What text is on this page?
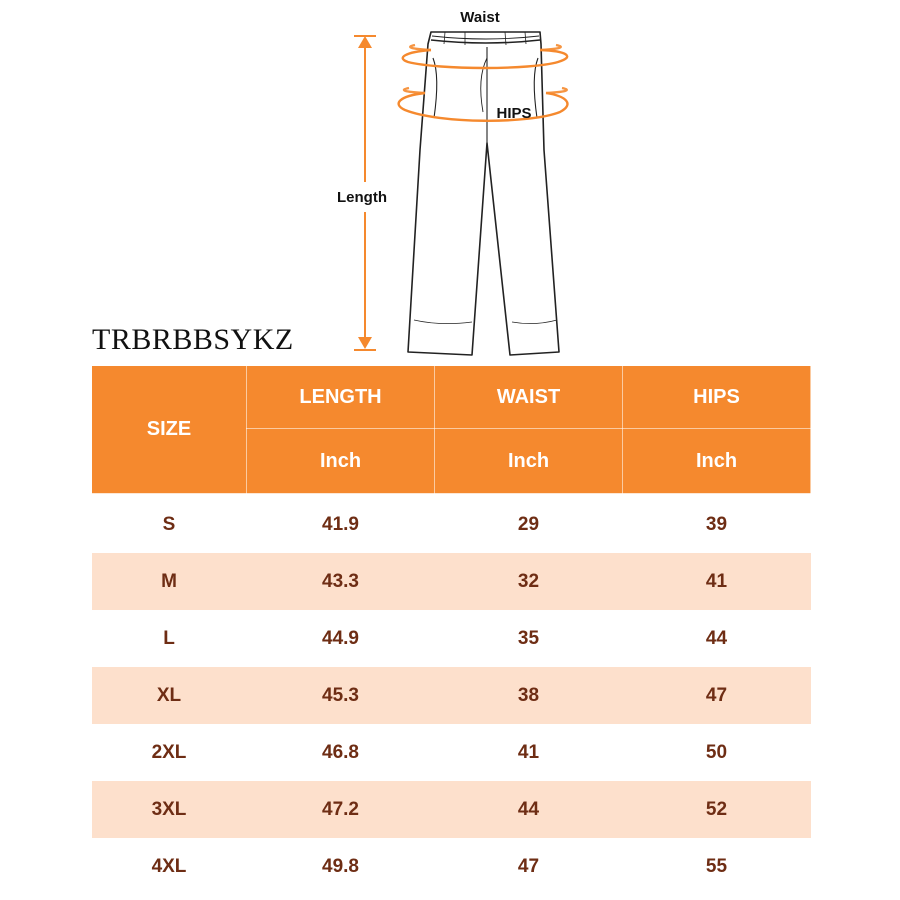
Waist
HIPS
Length
TRBRBBSYKZ
SIZE	LENGTH	WAIST	HIPS
	Inch	Inch	Inch
S	41.9	29	39
M	43.3	32	41
L	44.9	35	44
XL	45.3	38	47
2XL	46.8	41	50
3XL	47.2	44	52
4XL	49.8	47	55
